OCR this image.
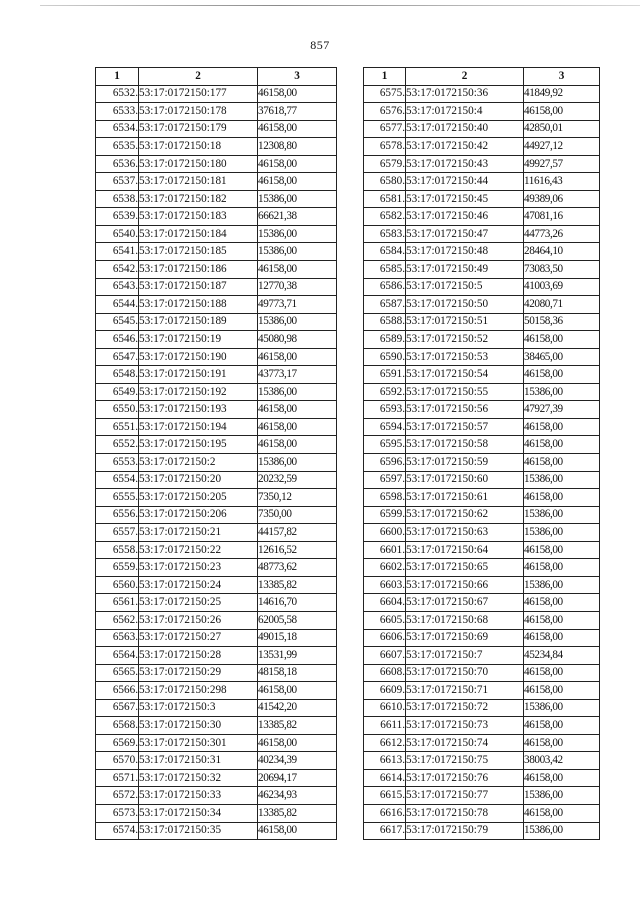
857
1	2	3
6532.	53:17:0172150:177	46158,00
6533.	53:17:0172150:178	37618,77
6534.	53:17:0172150:179	46158,00
6535.	53:17:0172150:18	12308,80
6536.	53:17:0172150:180	46158,00
6537.	53:17:0172150:181	46158,00
6538.	53:17:0172150:182	15386,00
6539.	53:17:0172150:183	66621,38
6540.	53:17:0172150:184	15386,00
6541.	53:17:0172150:185	15386,00
6542.	53:17:0172150:186	46158,00
6543.	53:17:0172150:187	12770,38
6544.	53:17:0172150:188	49773,71
6545.	53:17:0172150:189	15386,00
6546.	53:17:0172150:19	45080,98
6547.	53:17:0172150:190	46158,00
6548.	53:17:0172150:191	43773,17
6549.	53:17:0172150:192	15386,00
6550.	53:17:0172150:193	46158,00
6551.	53:17:0172150:194	46158,00
6552.	53:17:0172150:195	46158,00
6553.	53:17:0172150:2	15386,00
6554.	53:17:0172150:20	20232,59
6555.	53:17:0172150:205	7350,12
6556.	53:17:0172150:206	7350,00
6557.	53:17:0172150:21	44157,82
6558.	53:17:0172150:22	12616,52
6559.	53:17:0172150:23	48773,62
6560.	53:17:0172150:24	13385,82
6561.	53:17:0172150:25	14616,70
6562.	53:17:0172150:26	62005,58
6563.	53:17:0172150:27	49015,18
6564.	53:17:0172150:28	13531,99
6565.	53:17:0172150:29	48158,18
6566.	53:17:0172150:298	46158,00
6567.	53:17:0172150:3	41542,20
6568.	53:17:0172150:30	13385,82
6569.	53:17:0172150:301	46158,00
6570.	53:17:0172150:31	40234,39
6571.	53:17:0172150:32	20694,17
6572.	53:17:0172150:33	46234,93
6573.	53:17:0172150:34	13385,82
6574.	53:17:0172150:35	46158,00
1	2	3
6575.	53:17:0172150:36	41849,92
6576.	53:17:0172150:4	46158,00
6577.	53:17:0172150:40	42850,01
6578.	53:17:0172150:42	44927,12
6579.	53:17:0172150:43	49927,57
6580.	53:17:0172150:44	11616,43
6581.	53:17:0172150:45	49389,06
6582.	53:17:0172150:46	47081,16
6583.	53:17:0172150:47	44773,26
6584.	53:17:0172150:48	28464,10
6585.	53:17:0172150:49	73083,50
6586.	53:17:0172150:5	41003,69
6587.	53:17:0172150:50	42080,71
6588.	53:17:0172150:51	50158,36
6589.	53:17:0172150:52	46158,00
6590.	53:17:0172150:53	38465,00
6591.	53:17:0172150:54	46158,00
6592.	53:17:0172150:55	15386,00
6593.	53:17:0172150:56	47927,39
6594.	53:17:0172150:57	46158,00
6595.	53:17:0172150:58	46158,00
6596.	53:17:0172150:59	46158,00
6597.	53:17:0172150:60	15386,00
6598.	53:17:0172150:61	46158,00
6599.	53:17:0172150:62	15386,00
6600.	53:17:0172150:63	15386,00
6601.	53:17:0172150:64	46158,00
6602.	53:17:0172150:65	46158,00
6603.	53:17:0172150:66	15386,00
6604.	53:17:0172150:67	46158,00
6605.	53:17:0172150:68	46158,00
6606.	53:17:0172150:69	46158,00
6607.	53:17:0172150:7	45234,84
6608.	53:17:0172150:70	46158,00
6609.	53:17:0172150:71	46158,00
6610.	53:17:0172150:72	15386,00
6611.	53:17:0172150:73	46158,00
6612.	53:17:0172150:74	46158,00
6613.	53:17:0172150:75	38003,42
6614.	53:17:0172150:76	46158,00
6615.	53:17:0172150:77	15386,00
6616.	53:17:0172150:78	46158,00
6617.	53:17:0172150:79	15386,00
